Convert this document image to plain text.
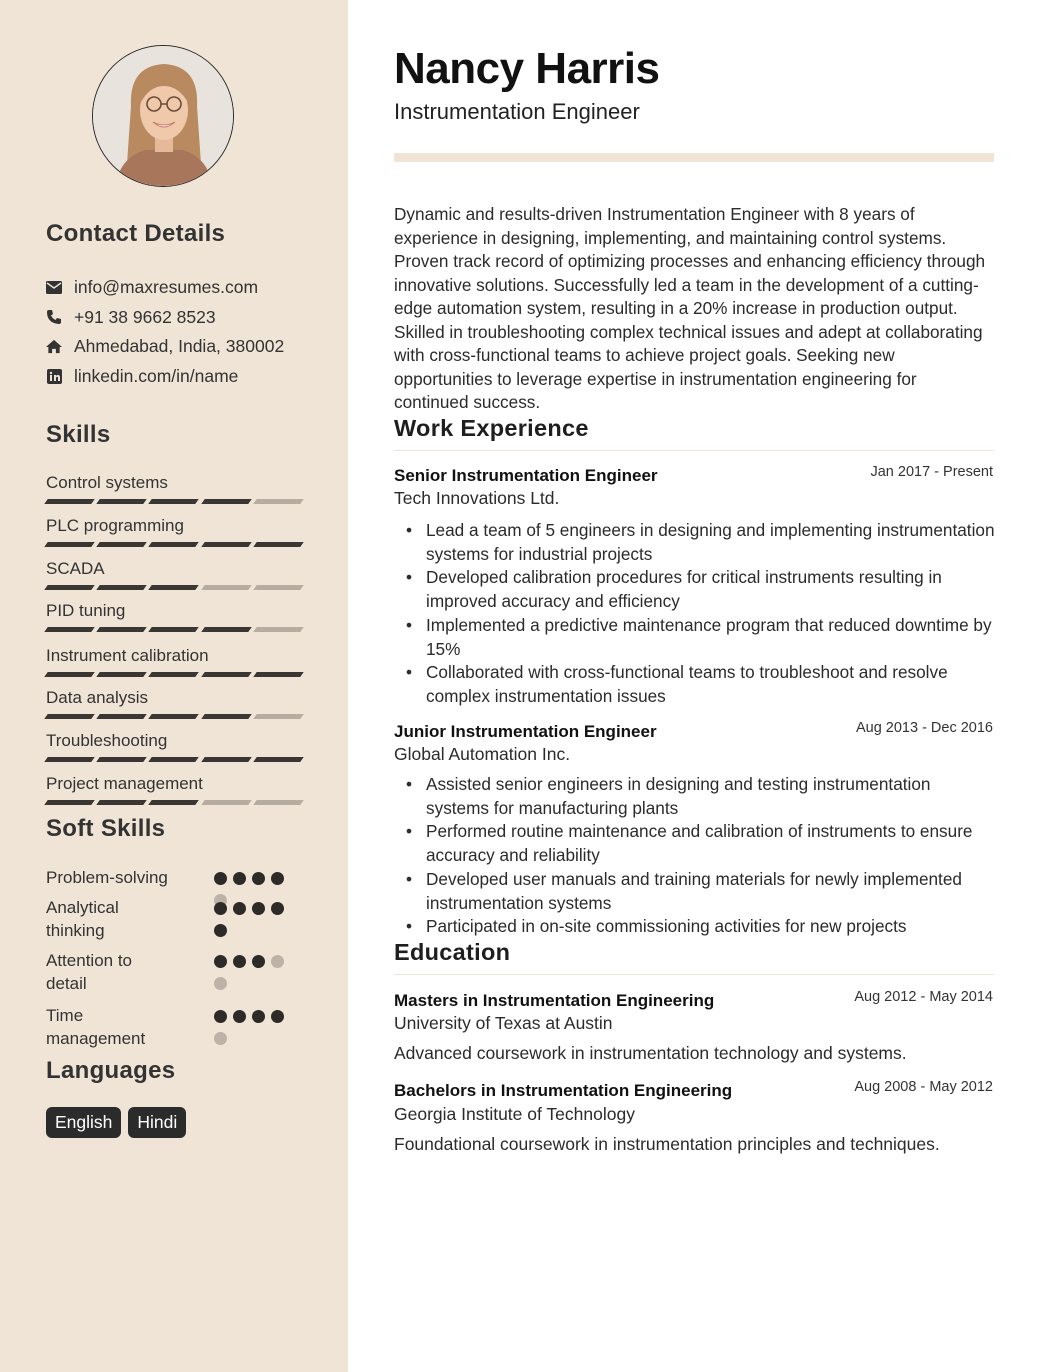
Contact Details
info@maxresumes.com
+91 38 9662 8523
Ahmedabad, India, 380002
linkedin.com/in/name
Skills
Control systems
PLC programming
SCADA
PID tuning
Instrument calibration
Data analysis
Troubleshooting
Project management
Soft Skills
Problem-solving
Analytical thinking
Attention to detail
Time management
Languages
English	Hindi
Nancy Harris
Instrumentation Engineer

Dynamic and results-driven Instrumentation Engineer with 8 years of experience in designing, implementing, and maintaining control systems. Proven track record of optimizing processes and enhancing efficiency through innovative solutions. Successfully led a team in the development of a cutting-edge automation system, resulting in a 20% increase in production output. Skilled in troubleshooting complex technical issues and adept at collaborating with cross-functional teams to achieve project goals. Seeking new opportunities to leverage expertise in instrumentation engineering for continued success.

Work Experience
Senior Instrumentation Engineer	Jan 2017 - Present
Tech Innovations Ltd.
• Lead a team of 5 engineers in designing and implementing instrumentation systems for industrial projects
• Developed calibration procedures for critical instruments resulting in improved accuracy and efficiency
• Implemented a predictive maintenance program that reduced downtime by 15%
• Collaborated with cross-functional teams to troubleshoot and resolve complex instrumentation issues
Junior Instrumentation Engineer	Aug 2013 - Dec 2016
Global Automation Inc.
• Assisted senior engineers in designing and testing instrumentation systems for manufacturing plants
• Performed routine maintenance and calibration of instruments to ensure accuracy and reliability
• Developed user manuals and training materials for newly implemented instrumentation systems
• Participated in on-site commissioning activities for new projects
Education
Masters in Instrumentation Engineering	Aug 2012 - May 2014
University of Texas at Austin
Advanced coursework in instrumentation technology and systems.
Bachelors in Instrumentation Engineering	Aug 2008 - May 2012
Georgia Institute of Technology
Foundational coursework in instrumentation principles and techniques.
